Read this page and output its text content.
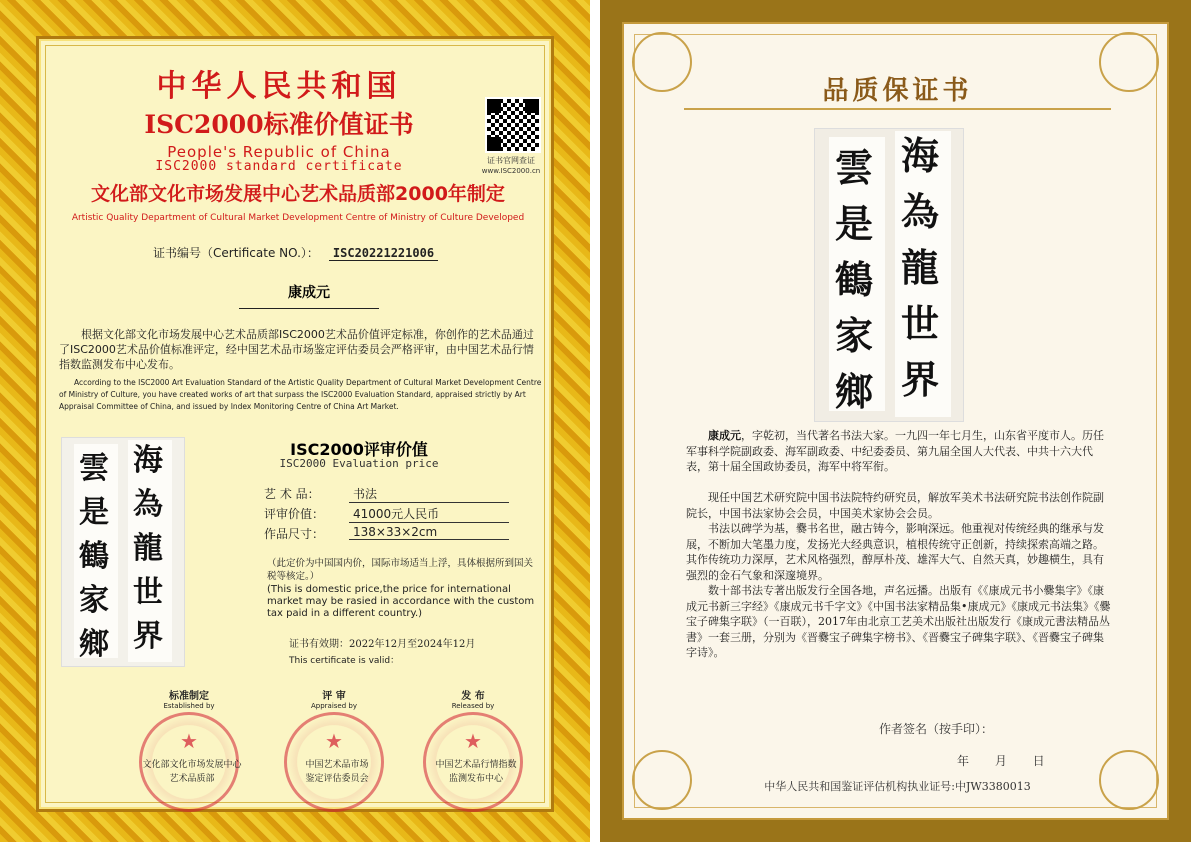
中华人民共和国
ISC2000标准价值证书
People's Republic of China
ISC2000 standard certificate	证书官网查证
www.ISC2000.cn
文化部文化市场发展中心艺术品质部2000年制定
Artistic Quality Department of Cultural Market Development Centre of Ministry of Culture Developed
证书编号（Certificate NO.）： ISC20221221006
康成元
根据文化部文化市场发展中心艺术品质部ISC2000艺术品价值评定标准，你创作的艺术品通过了ISC2000艺术品价值标准评定，经中国艺术品市场鉴定评估委员会严格评审，由中国艺术品行情指数监测发布中心发布。
According to the ISC2000 Art Evaluation Standard of the Artistic Quality Department of Cultural Market Development Centre of Ministry of Culture, you have created works of art that surpass the ISC2000 Evaluation Standard, appraised strictly by Art Appraisal Committee of China, and issued by Index Monitoring Centre of China Art Market.
海
為
龍
世
界
雲
是
鶴
家
鄉
ISC2000评审价值
ISC2000 Evaluation price
艺 术 品：	书法
评审价值：	41000元人民币
作品尺寸：	138×33×2cm
（此定价为中国国内价，国际市场适当上浮，具体根据所到国关税等核定。）
(This is domestic price,the price for international market may be rasied in accordance with the custom tax paid in a different country.)
证书有效期：2022年12月至2024年12月
This certificate is valid：
标准制定
Established by
★
文化部文化市场发展中心
艺术品质部
评 审
Appraised by
★
中国艺术品市场
鉴定评估委员会
发 布
Released by
★
中国艺术品行情指数
监测发布中心
品质保证书
海
為
龍
世
界
雲
是
鶴
家
鄉
康成元，字乾初，当代著名书法大家。一九四一年七月生，山东省平度市人。历任军事科学院副政委、海军副政委、中纪委委员、第九届全国人大代表、中共十六大代表，第十届全国政协委员，海军中将军衔。
现任中国艺术研究院中国书法院特约研究员，解放军美术书法研究院书法创作院副院长，中国书法家协会会员，中国美术家协会会员。
书法以碑学为基，爨书名世，融古铸今，影响深远。他重视对传统经典的继承与发展，不断加大笔墨力度，发扬光大经典意识，植根传统守正创新，持续探索高端之路。其作传统功力深厚，艺术风格强烈，醇厚朴茂、雄浑大气、自然天真，妙趣横生，具有强烈的金石气象和深邃境界。
数十部书法专著出版发行全国各地，声名远播。出版有《《康成元书小爨集字》《康成元书新三字经》《康成元书千字文》《中国书法家精品集•康成元》《康成元书法集》《爨宝子碑集字联》（一百联），2017年由北京工艺美术出版社出版发行《康成元書法精品丛書》一套三册，分别为《晋爨宝子碑集字榜书》、《晋爨宝子碑集字联》、《晋爨宝子碑集字诗》。
作者签名（按手印）：
年 月 日
中华人民共和国鉴证评估机构执业证号:中JW3380013
